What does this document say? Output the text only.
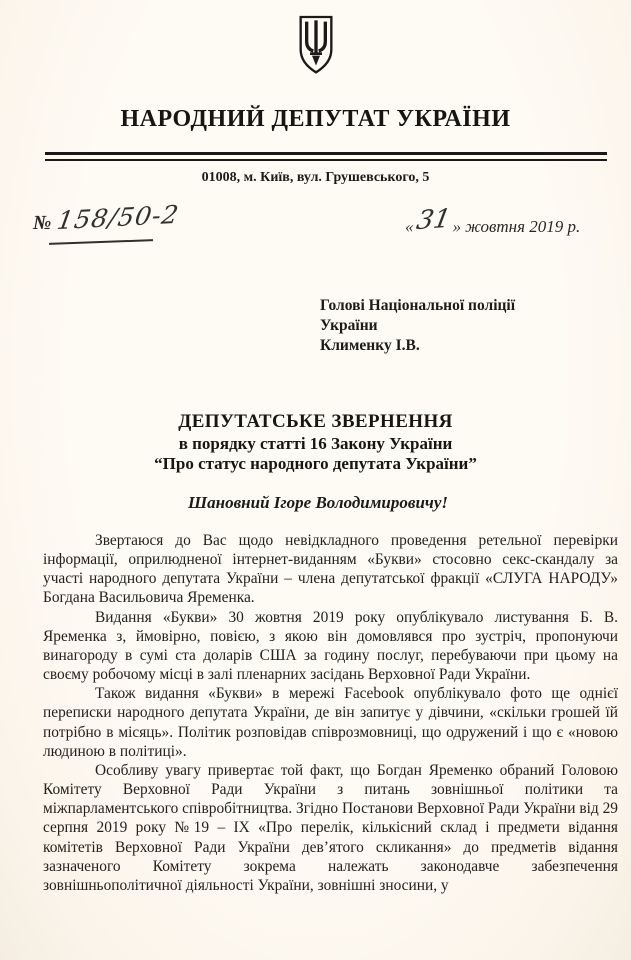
НАРОДНИЙ ДЕПУТАТ УКРАЇНИ
01008, м. Київ, вул. Грушевського, 5
№ 158/50-2	«31» жовтня 2019 р.
Голові Національної поліції
України
Клименку І.В.
ДЕПУТАТСЬКЕ ЗВЕРНЕННЯ
в порядку статті 16 Закону України
“Про статус народного депутата України”
Шановний Ігоре Володимировичу!

Звертаюся до Вас щодо невідкладного проведення ретельної перевірки інформації, оприлюдненої інтернет-виданням «Букви» стосовно секс-скандалу за участі народного депутата України – члена депутатської фракції «СЛУГА НАРОДУ» Богдана Васильовича Яременка.

Видання «Букви» 30 жовтня 2019 року опублікувало листування Б. В. Яременка з, ймовірно, повією, з якою він домовлявся про зустріч, пропонуючи винагороду в сумі ста доларів США за годину послуг, перебуваючи при цьому на своєму робочому місці в залі пленарних засідань Верховної Ради України.

Також видання «Букви» в мережі Facebook опублікувало фото ще однієї переписки народного депутата України, де він запитує у дівчини, «скільки грошей їй потрібно в місяць». Політик розповідав співрозмовниці, що одружений і що є «новою людиною в політиці».

Особливу увагу привертає той факт, що Богдан Яременко обраний Головою Комітету Верховної Ради України з питань зовнішньої політики та міжпарламентського співробітництва. Згідно Постанови Верховної Ради України від 29 серпня 2019 року №19 – ІХ «Про перелік, кількісний склад і предмети відання комітетів Верховної Ради України дев’ятого скликання» до предметів відання зазначеного Комітету зокрема належать законодавче забезпечення зовнішньополітичної діяльності України, зовнішні зносини, у
